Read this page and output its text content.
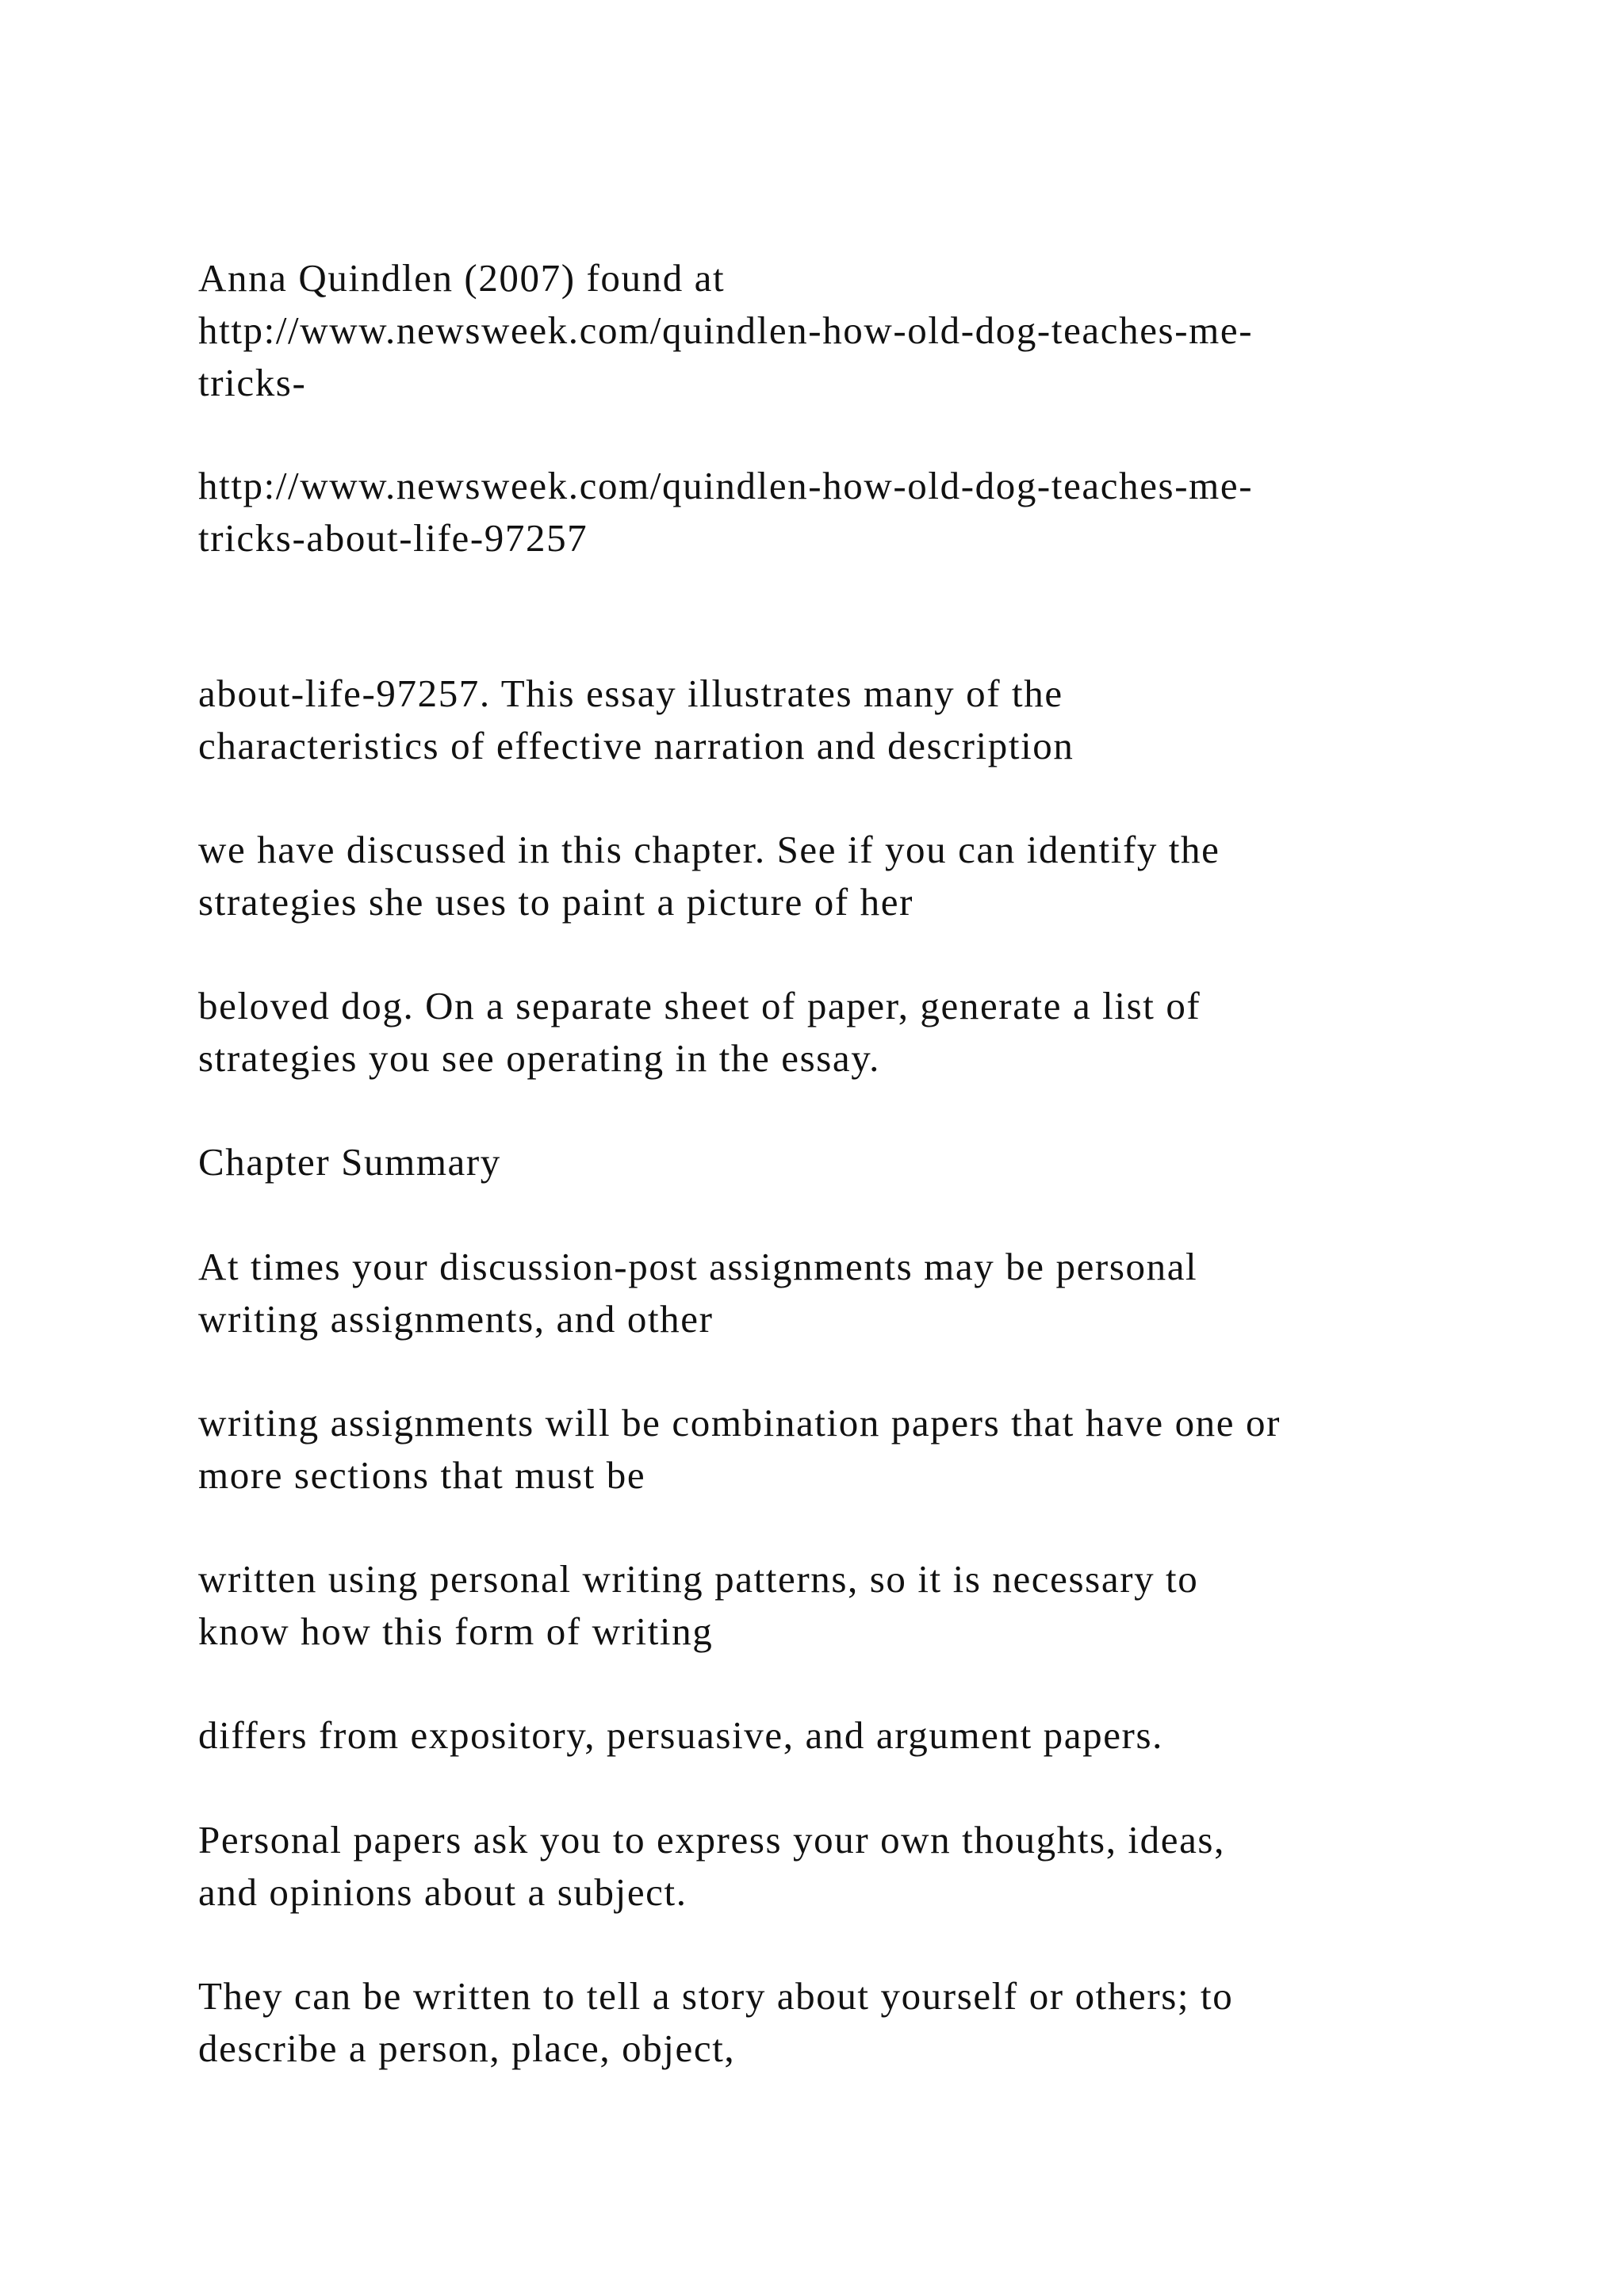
Anna Quindlen (2007) found at
http://www.newsweek.com/quindlen-how-old-dog-teaches-me-
tricks-

http://www.newsweek.com/quindlen-how-old-dog-teaches-me-
tricks-about-life-97257

about-life-97257. This essay illustrates many of the
characteristics of effective narration and description

we have discussed in this chapter. See if you can identify the
strategies she uses to paint a picture of her

beloved dog. On a separate sheet of paper, generate a list of
strategies you see operating in the essay.

Chapter Summary

At times your discussion-post assignments may be personal
writing assignments, and other

writing assignments will be combination papers that have one or
more sections that must be

written using personal writing patterns, so it is necessary to
know how this form of writing

differs from expository, persuasive, and argument papers.

Personal papers ask you to express your own thoughts, ideas,
and opinions about a subject.

They can be written to tell a story about yourself or others; to
describe a person, place, object,
